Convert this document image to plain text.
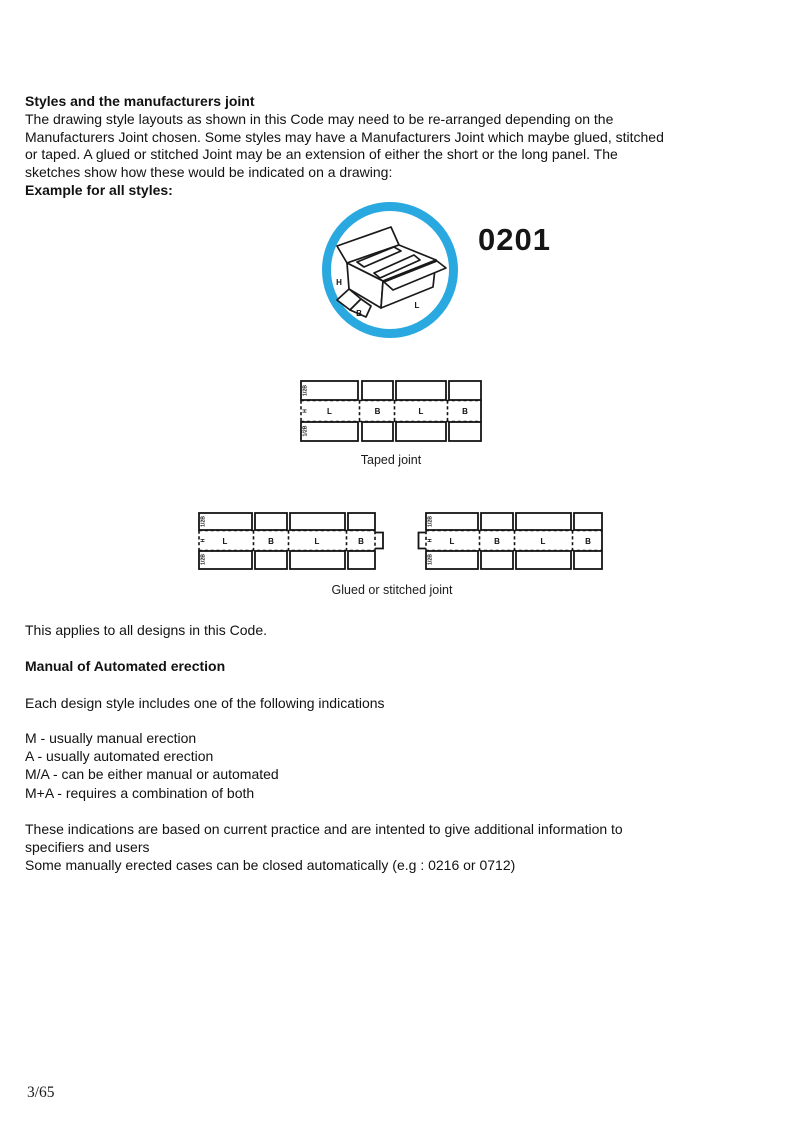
Styles and the manufacturers joint
The drawing style layouts as shown in this Code may need to be re-arranged depending on the
Manufacturers Joint chosen. Some styles may have a Manufacturers Joint which maybe glued, stitched
or taped. A glued or stitched Joint may be an extension of either the short or the long panel. The
sketches show how these would be indicated on a drawing:
Example for all styles:
H
B
L
0201
L	B	L	B
1/2B
H
1/2B
Taped joint
L	B	L	B
1/2B
H
1/2B
L	B	L	B
1/2B
H
1/2B
Glued or stitched joint
This applies to all designs in this Code.
Manual of Automated erection
Each design style includes one of the following indications
M - usually manual erection
A - usually automated erection
M/A - can be either manual or automated
M+A - requires a combination of both
These indications are based on current practice and are intented to give additional information to
specifiers and users
Some manually erected cases can be closed automatically (e.g : 0216 or 0712)
3/65
